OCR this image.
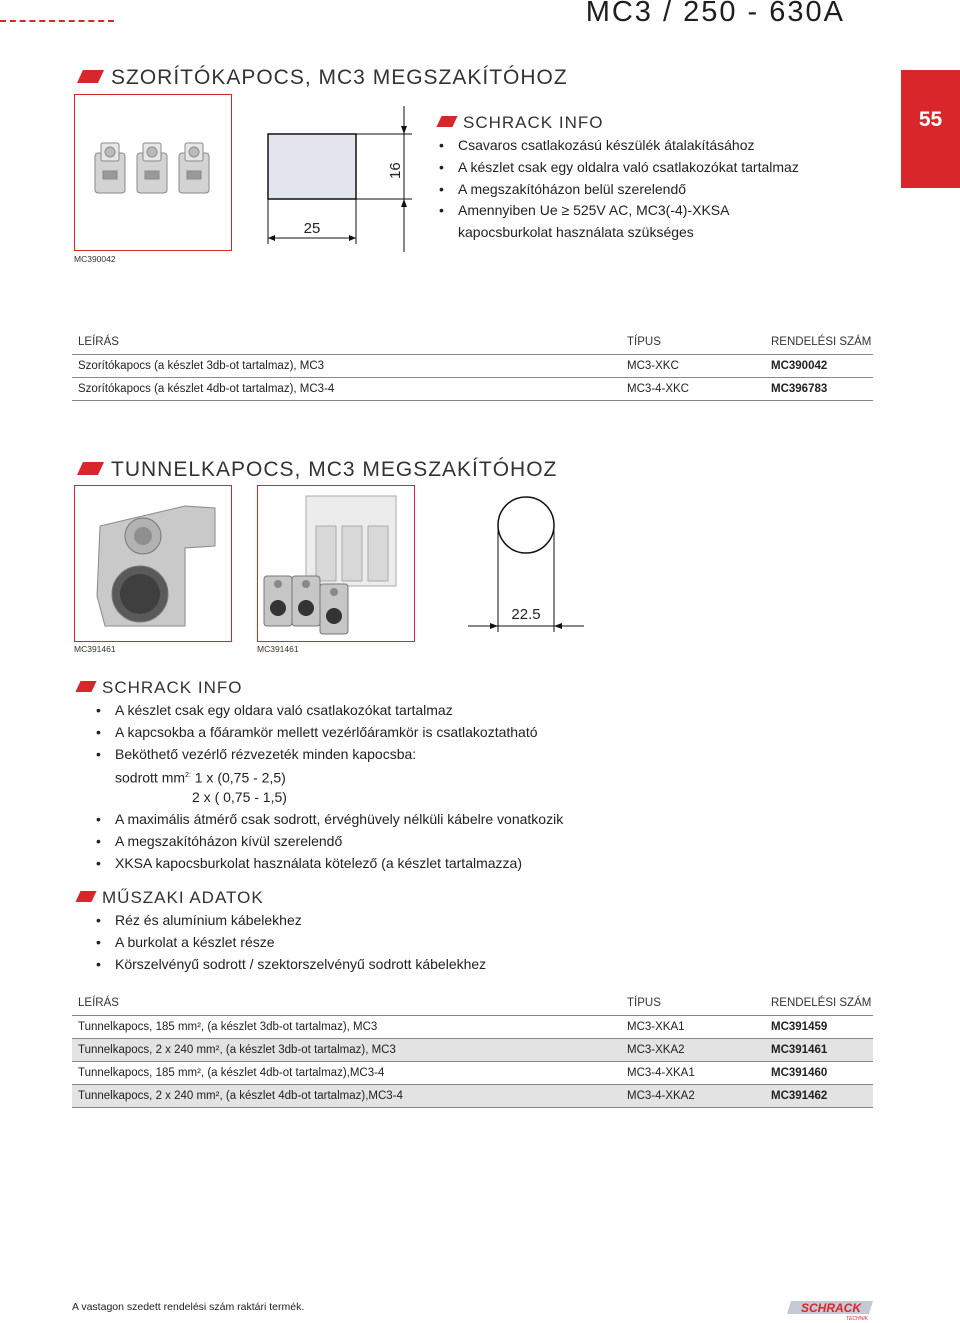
MC3 / 250 - 630A
55
SZORÍTÓKAPOCS, MC3 MEGSZAKÍTÓHOZ
MC390042
25
16
SCHRACK INFO
• Csavaros csatlakozású készülék átalakításához
• A készlet csak egy oldalra való csatlakozókat tartalmaz
• A megszakítóházon belül szerelendő
• Amennyiben Ue ≥ 525V AC, MC3(-4)-XKSA
kapocsburkolat használata szükséges
LEÍRÁS	TÍPUS	RENDELÉSI SZÁM
Szorítókapocs (a készlet 3db-ot tartalmaz), MC3	MC3-XKC	MC390042
Szorítókapocs (a készlet 4db-ot tartalmaz), MC3-4	MC3-4-XKC	MC396783
TUNNELKAPOCS, MC3 MEGSZAKÍTÓHOZ
MC391461	MC391461
22.5
SCHRACK INFO
• A készlet csak egy oldara való csatlakozókat tartalmaz
• A kapcsokba a főáramkör mellett vezérlőáramkör is csatlakoztatható
• Beköthető vezérlő rézvezeték minden kapocsba:
sodrott $mm^{2:}$ 1 x (0,75 - 2,5)
2 x ( 0,75 - 1,5)
• A maximális átmérő csak sodrott, érvéghüvely nélküli kábelre vonatkozik
• A megszakítóházon kívül szerelendő
• XKSA kapocsburkolat használata kötelező (a készlet tartalmazza)
MŰSZAKI ADATOK
• Réz és alumínium kábelekhez
• A burkolat a készlet része
• Körszelvényű sodrott / szektorszelvényű sodrott kábelekhez
LEÍRÁS	TÍPUS	RENDELÉSI SZÁM
Tunnelkapocs, 185 mm², (a készlet 3db-ot tartalmaz), MC3	MC3-XKA1	MC391459
Tunnelkapocs, 2 x 240 mm², (a készlet 3db-ot tartalmaz), MC3	MC3-XKA2	MC391461
Tunnelkapocs, 185 mm², (a készlet 4db-ot tartalmaz),MC3-4	MC3-4-XKA1	MC391460
Tunnelkapocs, 2 x 240 mm², (a készlet 4db-ot tartalmaz),MC3-4	MC3-4-XKA2	MC391462
A vastagon szedett rendelési szám raktári termék.	SCHRACK
TECHNIK
